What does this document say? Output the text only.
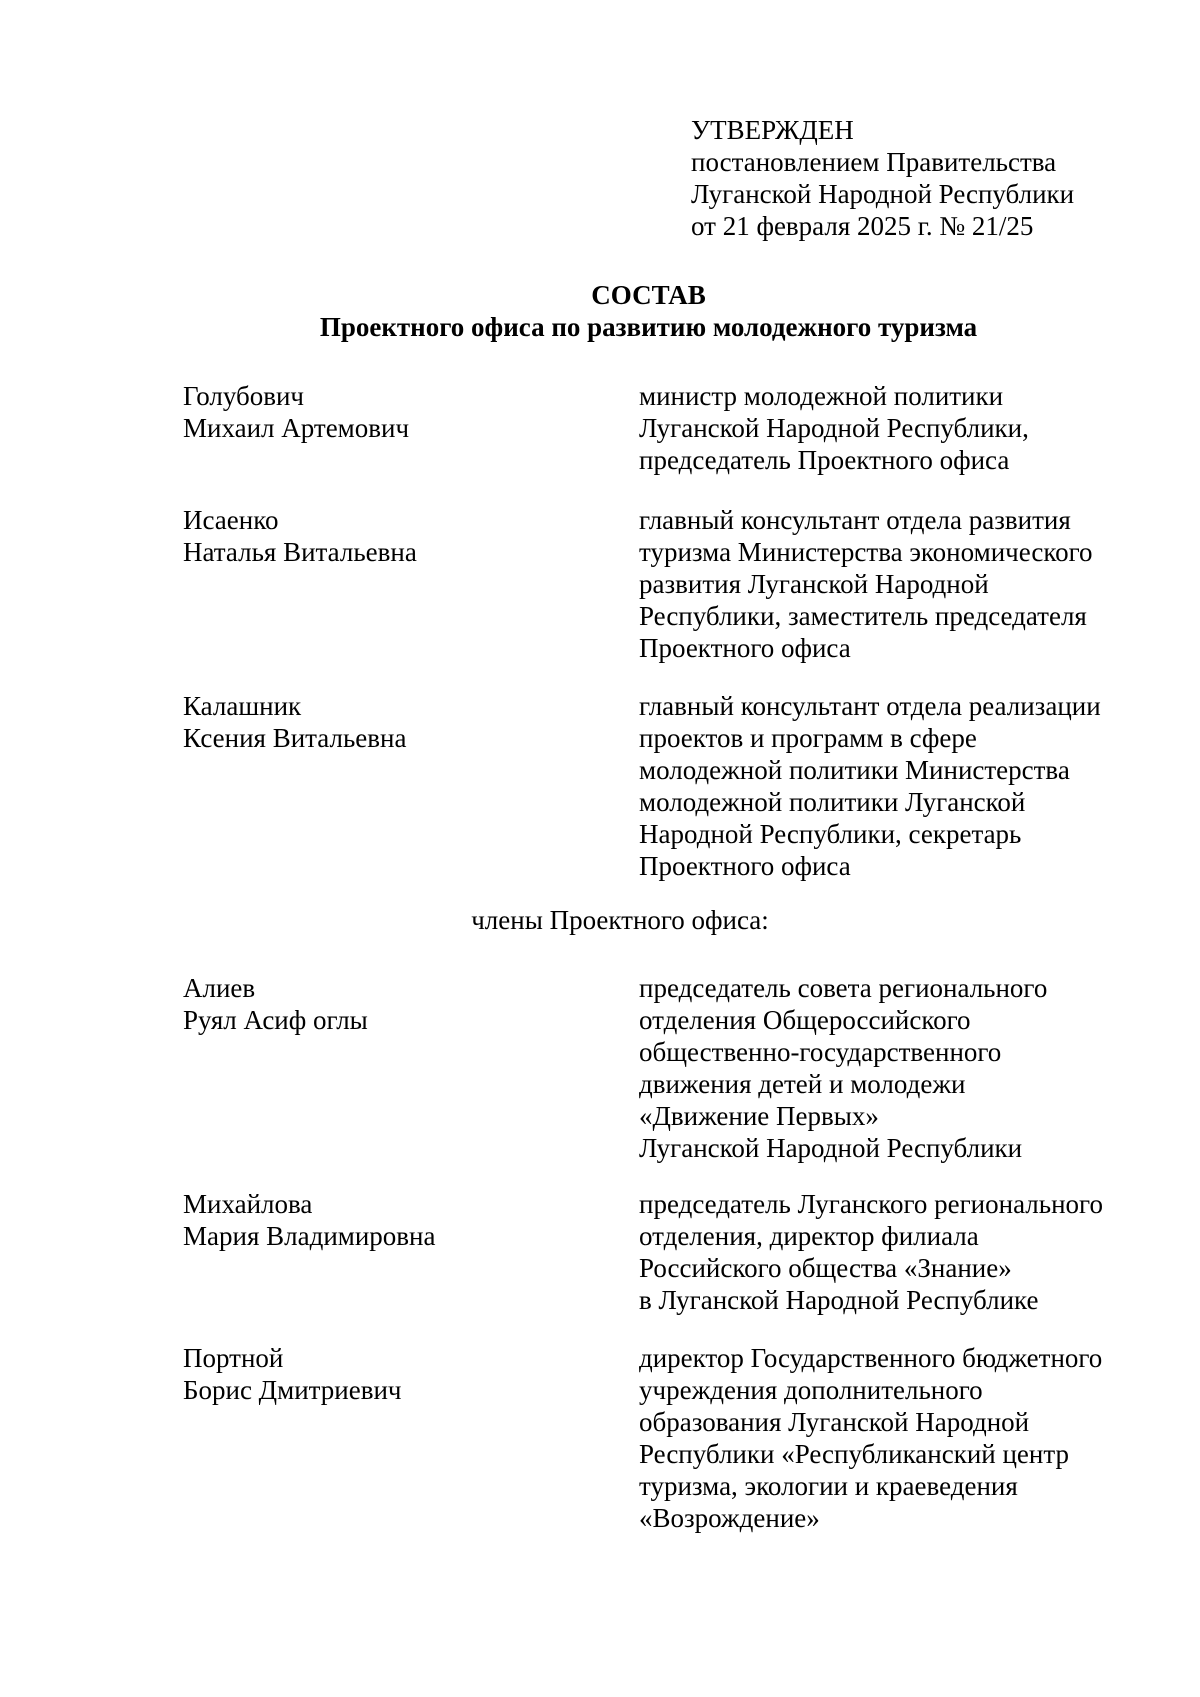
УТВЕРЖДЕН
постановлением Правительства
Луганской Народной Республики
от 21 февраля 2025 г. № 21/25
СОСТАВ
Проектного офиса по развитию молодежного туризма
Голубович
Михаил Артемович
министр молодежной политики
Луганской Народной Республики,
председатель Проектного офиса
Исаенко
Наталья Витальевна
главный консультант отдела развития
туризма Министерства экономического
развития Луганской Народной
Республики, заместитель председателя
Проектного офиса
Калашник
Ксения Витальевна
главный консультант отдела реализации
проектов и программ в сфере
молодежной политики Министерства
молодежной политики Луганской
Народной Республики, секретарь
Проектного офиса
члены Проектного офиса:
Алиев
Руял Асиф оглы
председатель совета регионального
отделения Общероссийского
общественно-государственного
движения детей и молодежи
«Движение Первых»
Луганской Народной Республики
Михайлова
Мария Владимировна
председатель Луганского регионального
отделения, директор филиала
Российского общества «Знание»
в Луганской Народной Республике
Портной
Борис Дмитриевич
директор Государственного бюджетного
учреждения дополнительного
образования Луганской Народной
Республики «Республиканский центр
туризма, экологии и краеведения
«Возрождение»
